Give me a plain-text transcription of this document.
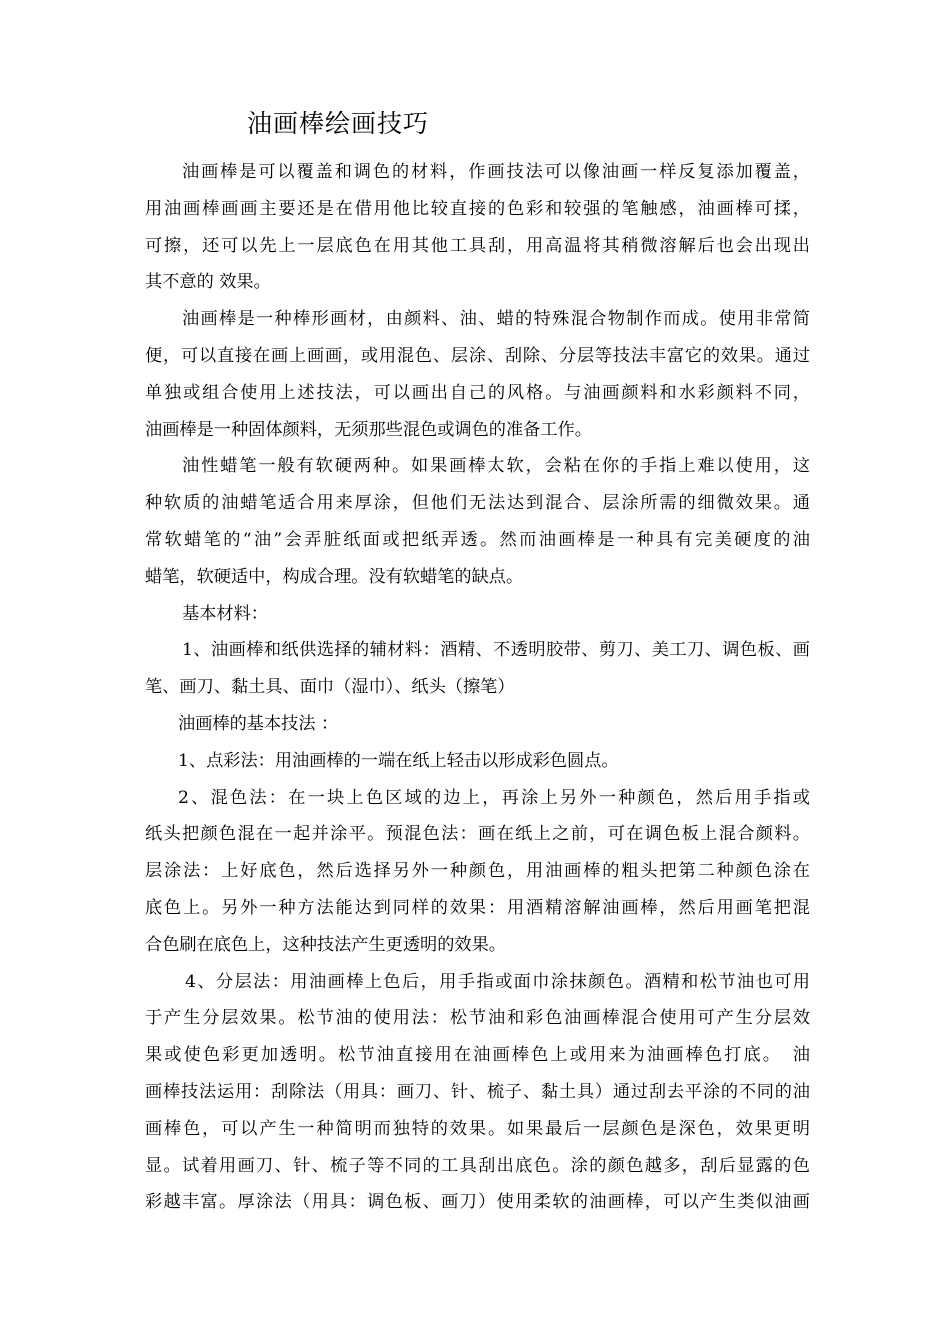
油画棒绘画技巧
油画棒是可以覆盖和调色的材料，作画技法可以像油画一样反复添加覆盖，
用油画棒画画主要还是在借用他比较直接的色彩和较强的笔触感，油画棒可揉，
可擦，还可以先上一层底色在用其他工具刮，用高温将其稍微溶解后也会出现出
其不意的 效果。
油画棒是一种棒形画材，由颜料、油、蜡的特殊混合物制作而成。使用非常简
便，可以直接在画上画画，或用混色、层涂、刮除、分层等技法丰富它的效果。通过
单独或组合使用上述技法，可以画出自己的风格。与油画颜料和水彩颜料不同，
油画棒是一种固体颜料，无须那些混色或调色的准备工作。
油性蜡笔一般有软硬两种。如果画棒太软，会粘在你的手指上难以使用，这
种软质的油蜡笔适合用来厚涂，但他们无法达到混合、层涂所需的细微效果。通
常软蜡笔的“油”会弄脏纸面或把纸弄透。然而油画棒是一种具有完美硬度的油
蜡笔，软硬适中，构成合理。没有软蜡笔的缺点。
基本材料：
1、油画棒和纸供选择的辅材料：酒精、不透明胶带、剪刀、美工刀、调色板、画
笔、画刀、黏土具、面巾（湿巾）、纸头（擦笔）
油画棒的基本技法 ：
1、点彩法：用油画棒的一端在纸上轻击以形成彩色圆点。
2、混色法：在一块上色区域的边上，再涂上另外一种颜色，然后用手指或
纸头把颜色混在一起并涂平。预混色法：画在纸上之前，可在调色板上混合颜料。
层涂法：上好底色，然后选择另外一种颜色，用油画棒的粗头把第二种颜色涂在
底色上。另外一种方法能达到同样的效果：用酒精溶解油画棒，然后用画笔把混
合色刷在底色上，这种技法产生更透明的效果。
4、分层法：用油画棒上色后，用手指或面巾涂抹颜色。酒精和松节油也可用
于产生分层效果。松节油的使用法：松节油和彩色油画棒混合使用可产生分层效
果或使色彩更加透明。松节油直接用在油画棒色上或用来为油画棒色打底。　油
画棒技法运用：刮除法（用具：画刀、针、梳子、黏土具）通过刮去平涂的不同的油
画棒色，可以产生一种简明而独特的效果。如果最后一层颜色是深色，效果更明
显。试着用画刀、针、梳子等不同的工具刮出底色。涂的颜色越多，刮后显露的色
彩越丰富。厚涂法（用具：调色板、画刀）使用柔软的油画棒，可以产生类似油画
